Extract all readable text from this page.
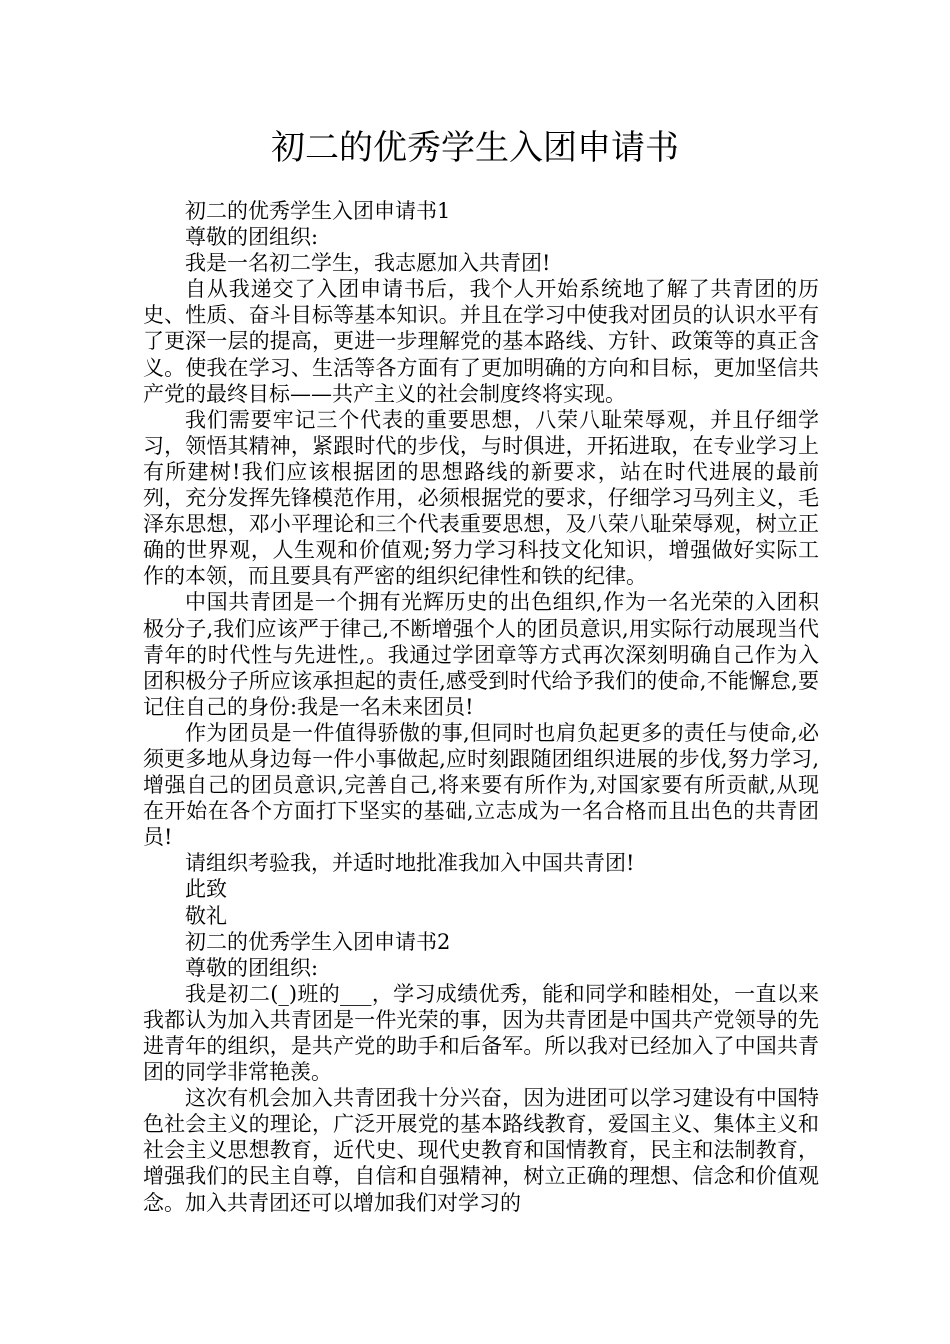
初二的优秀学生入团申请书

初二的优秀学生入团申请书1

尊敬的团组织:

我是一名初二学生，我志愿加入共青团!

自从我递交了入团申请书后，我个人开始系统地了解了共青团的历史、性质、奋斗目标等基本知识。并且在学习中使我对团员的认识水平有了更深一层的提高，更进一步理解党的基本路线、方针、政策等的真正含义。使我在学习、生活等各方面有了更加明确的方向和目标，更加坚信共产党的最终目标——共产主义的社会制度终将实现。

我们需要牢记三个代表的重要思想，八荣八耻荣辱观，并且仔细学习，领悟其精神，紧跟时代的步伐，与时俱进，开拓进取，在专业学习上有所建树!我们应该根据团的思想路线的新要求，站在时代进展的最前列，充分发挥先锋模范作用，必须根据党的要求，仔细学习马列主义，毛泽东思想，邓小平理论和三个代表重要思想，及八荣八耻荣辱观，树立正确的世界观，人生观和价值观;努力学习科技文化知识，增强做好实际工作的本领，而且要具有严密的组织纪律性和铁的纪律。

中国共青团是一个拥有光辉历史的出色组织,作为一名光荣的入团积极分子,我们应该严于律己,不断增强个人的团员意识,用实际行动展现当代青年的时代性与先进性,。我通过学团章等方式再次深刻明确自己作为入团积极分子所应该承担起的责任,感受到时代给予我们的使命,不能懈怠,要记住自己的身份:我是一名未来团员!

作为团员是一件值得骄傲的事,但同时也肩负起更多的责任与使命,必须更多地从身边每一件小事做起,应时刻跟随团组织进展的步伐,努力学习,增强自己的团员意识,完善自己,将来要有所作为,对国家要有所贡献,从现在开始在各个方面打下坚实的基础,立志成为一名合格而且出色的共青团员!

请组织考验我，并适时地批准我加入中国共青团!

此致

敬礼

初二的优秀学生入团申请书2

尊敬的团组织:

我是初二(_)班的___，学习成绩优秀，能和同学和睦相处，一直以来我都认为加入共青团是一件光荣的事，因为共青团是中国共产党领导的先进青年的组织，是共产党的助手和后备军。所以我对已经加入了中国共青团的同学非常艳羡。

这次有机会加入共青团我十分兴奋，因为进团可以学习建设有中国特色社会主义的理论，广泛开展党的基本路线教育，爱国主义、集体主义和社会主义思想教育，近代史、现代史教育和国情教育，民主和法制教育，增强我们的民主自尊，自信和自强精神，树立正确的理想、信念和价值观念。加入共青团还可以增加我们对学习的
